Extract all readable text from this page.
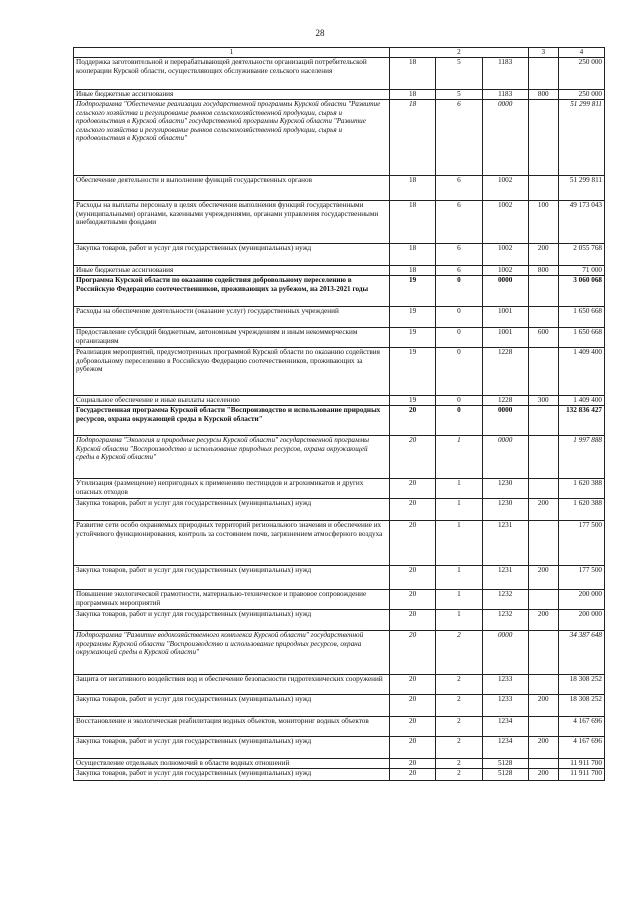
28
1	2			3	4
Поддержка заготовительной и перерабатывающей деятельности организаций потребительской кооперации Курской области, осуществляющих обслуживание сельского населения	18	5	1183		250 000
Иные бюджетные ассигнования	18	5	1183	800	250 000
Подпрограмма "Обеспечение реализации государственной программы Курской области "Развитие сельского хозяйства и регулирование рынков сельскохозяйственной продукции, сырья и продовольствия в Курской области" государственной программы Курской области "Развитие сельского хозяйства и регулирование рынков сельскохозяйственной продукции, сырья и продовольствия в Курской области"	18	6	0000		51 299 811
Обеспечение деятельности и выполнение функций государственных органов	18	6	1002		51 299 811
Расходы на выплаты персоналу в целях обеспечения выполнения функций государственными (муниципальными) органами, казенными учреждениями, органами управления государственными внебюджетными фондами	18	6	1002	100	49 173 043
Закупка товаров, работ и услуг для государственных (муниципальных) нужд	18	6	1002	200	2 055 768
Иные бюджетные ассигнования	18	6	1002	800	71 000
Программа Курской области по оказанию содействия добровольному переселению в Российскую Федерацию соотечественников, проживающих за рубежом, на 2013-2021 годы	19	0	0000		3 060 068
Расходы на обеспечение деятельности (оказание услуг) государственных учреждений	19	0	1001		1 650 668
Предоставление субсидий бюджетным, автономным учреждениям и иным некоммерческим организациям	19	0	1001	600	1 650 668
Реализация мероприятий, предусмотренных программой Курской области по оказанию содействия добровольному переселению в Российскую Федерацию соотечественников, проживающих за рубежом	19	0	1228		1 409 400
Социальное обеспечение и иные выплаты населению	19	0	1228	300	1 409 400
Государственная программа Курской области "Воспроизводство и использование природных ресурсов, охрана окружающей среды в Курской области"	20	0	0000		132 836 427
Подпрограмма "Экология и природные ресурсы Курской области" государственной программы Курской области "Воспроизводство и использование природных ресурсов, охрана окружающей среды в Курской области"	20	1	0000		1 997 888
Утилизация (размещение) непригодных к применению пестицидов и агрохимикатов и других опасных отходов	20	1	1230		1 620 388
Закупка товаров, работ и услуг для государственных (муниципальных) нужд	20	1	1230	200	1 620 388
Развитие сети особо охраняемых природных территорий регионального значения и обеспечение их устойчивого функционирования, контроль за состоянием почв, загрязнением атмосферного воздуха	20	1	1231		177 500
Закупка товаров, работ и услуг для государственных (муниципальных) нужд	20	1	1231	200	177 500
Повышение экологической грамотности, материально-техническое и правовое сопровождение программных мероприятий	20	1	1232		200 000
Закупка товаров, работ и услуг для государственных (муниципальных) нужд	20	1	1232	200	200 000
Подпрограмма "Развитие водохозяйственного комплекса Курской области" государственной программы Курской области "Воспроизводство и использование природных ресурсов, охрана окружающей среды в Курской области"	20	2	0000		34 387 648
Защита от негативного воздействия вод и обеспечение безопасности гидротехнических сооружений	20	2	1233		18 308 252
Закупка товаров, работ и услуг для государственных (муниципальных) нужд	20	2	1233	200	18 308 252
Восстановление и экологическая реабилитация водных объектов, мониторинг водных объектов	20	2	1234		4 167 696
Закупка товаров, работ и услуг для государственных (муниципальных) нужд	20	2	1234	200	4 167 696
Осуществление отдельных полномочий в области водных отношений	20	2	5128		11 911 700
Закупка товаров, работ и услуг для государственных (муниципальных) нужд	20	2	5128	200	11 911 700
